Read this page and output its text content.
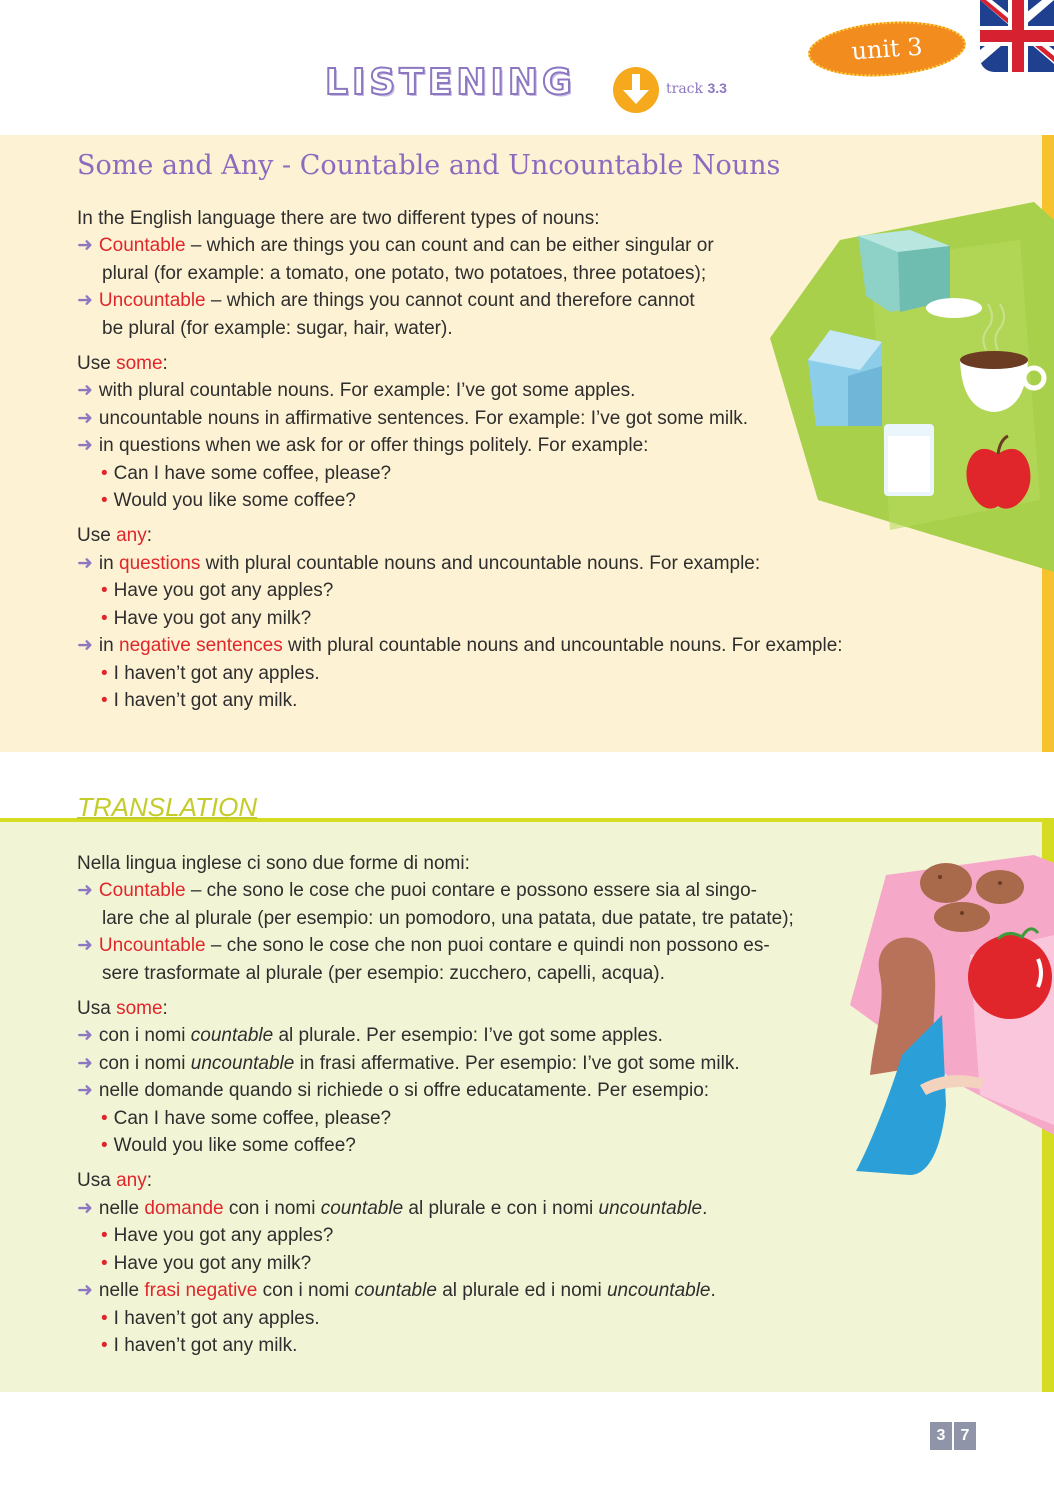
unit 3
LISTENING	track 3.3
Some and Any - Countable and Uncountable Nouns
In the English language there are two different types of nouns:
➜ Countable – which are things you can count and can be either singular or
plural (for example: a tomato, one potato, two potatoes, three potatoes);
➜ Uncountable – which are things you cannot count and therefore cannot
be plural (for example: sugar, hair, water).
Use some:
➜ with plural countable nouns. For example: I’ve got some apples.
➜ uncountable nouns in affirmative sentences. For example: I’ve got some milk.
➜ in questions when we ask for or offer things politely. For example:
• Can I have some coffee, please?
• Would you like some coffee?
Use any:
➜ in questions with plural countable nouns and uncountable nouns. For example:
• Have you got any apples?
• Have you got any milk?
➜ in negative sentences with plural countable nouns and uncountable nouns. For example:
• I haven’t got any apples.
• I haven’t got any milk.
TRANSLATION
Nella lingua inglese ci sono due forme di nomi:
➜ Countable – che sono le cose che puoi contare e possono essere sia al singo-
lare che al plurale (per esempio: un pomodoro, una patata, due patate, tre patate);
➜ Uncountable – che sono le cose che non puoi contare e quindi non possono es-
sere trasformate al plurale (per esempio: zucchero, capelli, acqua).
Usa some:
➜ con i nomi countable al plurale. Per esempio: I’ve got some apples.
➜ con i nomi uncountable in frasi affermative. Per esempio: I’ve got some milk.
➜ nelle domande quando si richiede o si offre educatamente. Per esempio:
• Can I have some coffee, please?
• Would you like some coffee?
Usa any:
➜ nelle domande con i nomi countable al plurale e con i nomi uncountable.
• Have you got any apples?
• Have you got any milk?
➜ nelle frasi negative con i nomi countable al plurale ed i nomi uncountable.
• I haven’t got any apples.
• I haven’t got any milk.
3 7
